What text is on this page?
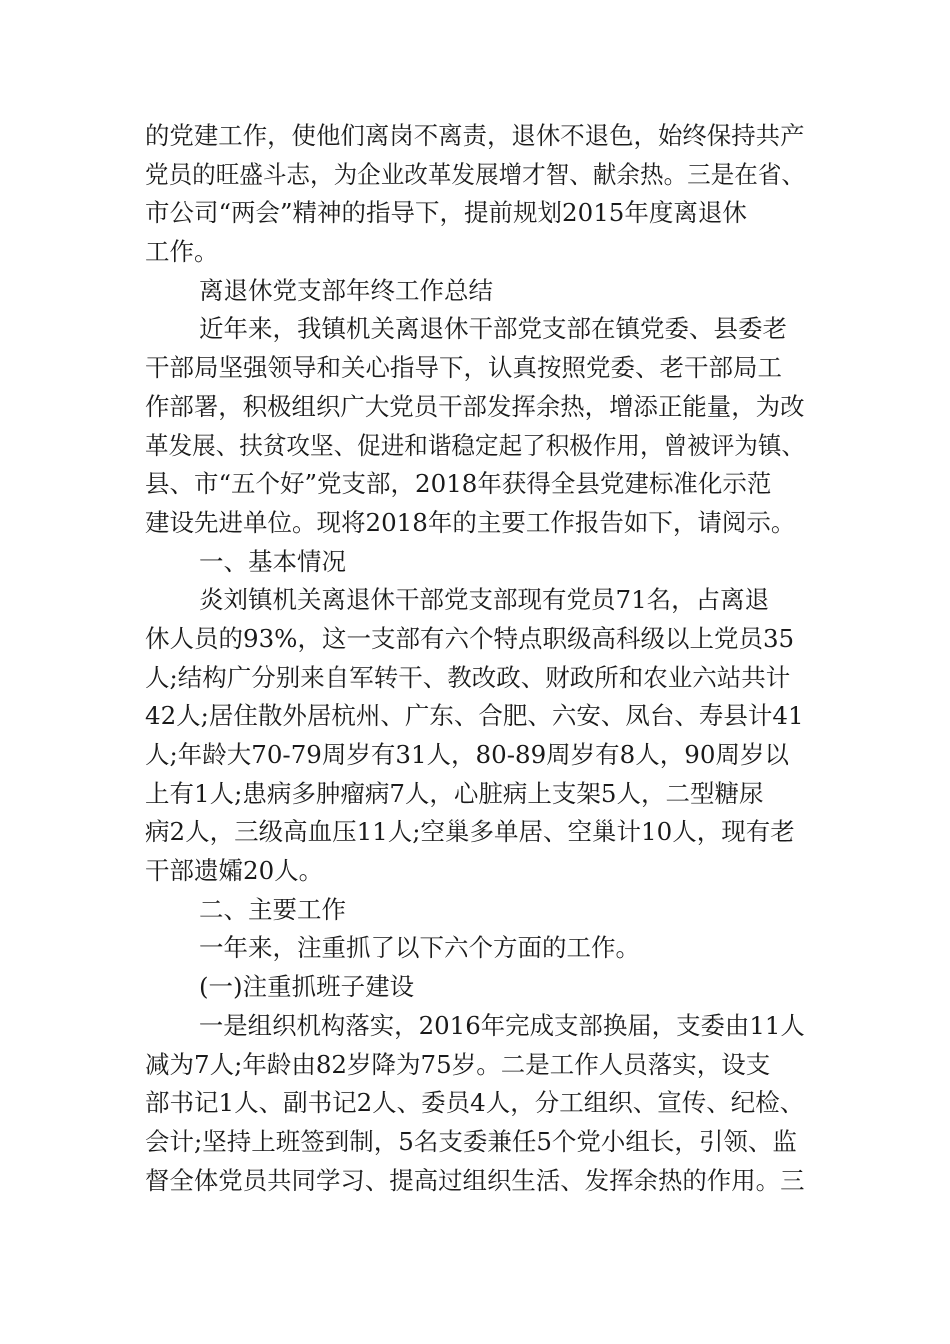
的党建工作，使他们离岗不离责，退休不退色，始终保持共产
党员的旺盛斗志，为企业改革发展增才智、献余热。三是在省、
市公司“两会”精神的指导下，提前规划2015年度离退休
工作。
离退休党支部年终工作总结
近年来，我镇机关离退休干部党支部在镇党委、县委老
干部局坚强领导和关心指导下，认真按照党委、老干部局工
作部署，积极组织广大党员干部发挥余热，增添正能量，为改
革发展、扶贫攻坚、促进和谐稳定起了积极作用，曾被评为镇、
县、市“五个好”党支部，2018年获得全县党建标准化示范
建设先进单位。现将2018年的主要工作报告如下，请阅示。
一、基本情况
炎刘镇机关离退休干部党支部现有党员71名，占离退
休人员的93%，这一支部有六个特点职级高科级以上党员35
人;结构广分别来自军转干、教改政、财政所和农业六站共计
42人;居住散外居杭州、广东、合肥、六安、凤台、寿县计41
人;年龄大70-79周岁有31人，80-89周岁有8人，90周岁以
上有1人;患病多肿瘤病7人，心脏病上支架5人，二型糖尿
病2人，三级高血压11人;空巢多单居、空巢计10人，现有老
干部遗孀20人。
二、主要工作
一年来，注重抓了以下六个方面的工作。
(一)注重抓班子建设
一是组织机构落实，2016年完成支部换届，支委由11人
减为7人;年龄由82岁降为75岁。二是工作人员落实，设支
部书记1人、副书记2人、委员4人，分工组织、宣传、纪检、
会计;坚持上班签到制，5名支委兼任5个党小组长，引领、监
督全体党员共同学习、提高过组织生活、发挥余热的作用。三
